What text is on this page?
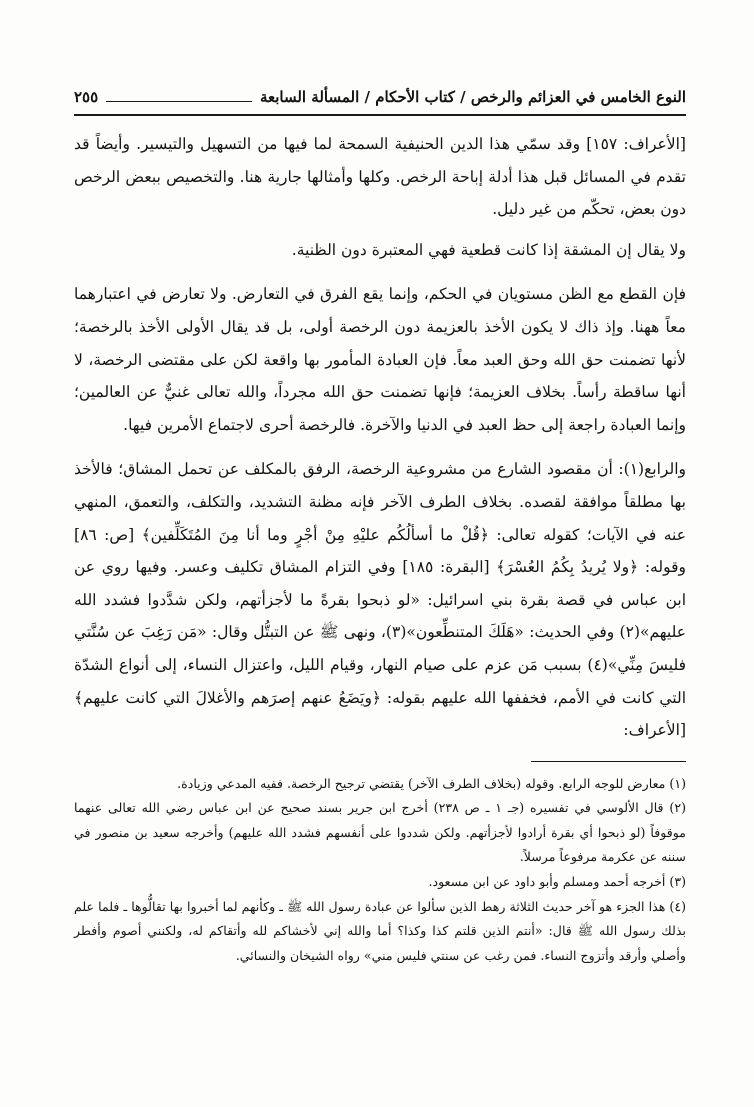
النوع الخامس في العزائم والرخص / كتاب الأحكام / المسألة السابعة
٢٥٥

[الأعراف: ١٥٧] وقد سمّي هذا الدين الحنيفية السمحة لما فيها من التسهيل والتيسير. وأيضاً قد تقدم في المسائل قبل هذا أدلة إباحة الرخص. وكلها وأمثالها جارية هنا. والتخصيص ببعض الرخص دون بعض، تحكّم من غير دليل.

ولا يقال إن المشقة إذا كانت قطعية فهي المعتبرة دون الظنية.

فإن القطع مع الظن مستويان في الحكم، وإنما يقع الفرق في التعارض. ولا تعارض في اعتبارهما معاً ههنا. وإذ ذاك لا يكون الأخذ بالعزيمة دون الرخصة أولى، بل قد يقال الأولى الأخذ بالرخصة؛ لأنها تضمنت حق الله وحق العبد معاً. فإن العبادة المأمور بها واقعة لكن على مقتضى الرخصة، لا أنها ساقطة رأساً. بخلاف العزيمة؛ فإنها تضمنت حق الله مجرداً، والله تعالى غنيٌّ عن العالمين؛ وإنما العبادة راجعة إلى حظ العبد في الدنيا والآخرة. فالرخصة أحرى لاجتماع الأمرين فيها.

والرابع(١): أن مقصود الشارع من مشروعية الرخصة، الرفق بالمكلف عن تحمل المشاق؛ فالأخذ بها مطلقاً موافقة لقصده. بخلاف الطرف الآخر فإنه مظنة التشديد، والتكلف، والتعمق، المنهي عنه في الآيات؛ كقوله تعالى: ﴿قُلْ ما أسألُكُم عليْهِ مِنْ أجْرٍ وما أنا مِنَ المُتَكَلِّفين﴾ [ص: ٨٦] وقوله: ﴿ولا يُريدُ بِكُمُ العُسْرَ﴾ [البقرة: ١٨٥] وفي التزام المشاق تكليف وعسر. وفيها روي عن ابن عباس في قصة بقرة بني اسرائيل: «لو ذبحوا بقرةً ما لأجزأتهم، ولكن شدَّدوا فشدد الله عليهم»(٢) وفي الحديث: «هَلَكَ المتنطِّعون»(٣)، ونهى ﷺ عن التبتُّل وقال: «مَن رَغِبَ عن سُنَّتي فليسَ مِنِّي»(٤) بسبب مَن عزم على صيام النهار، وقيام الليل، واعتزال النساء، إلى أنواع الشدّة التي كانت في الأمم، فخففها الله عليهم بقوله: ﴿ويَضَعُ عنهم إصرَهم والأغلالَ التي كانت عليهم﴾ [الأعراف:

(١) معارض للوجه الرابع. وقوله (بخلاف الطرف الآخر) يقتضي ترجيح الرخصة. ففيه المدعي وزيادة.

(٢) قال الألوسي في تفسيره (جـ ١ ـ ص ٢٣٨) أخرج ابن جرير بسند صحيح عن ابن عباس رضي الله تعالى عنهما موقوفاً (لو ذبحوا أي بقرة أرادوا لأجزأتهم. ولكن شددوا على أنفسهم فشدد الله عليهم) وأخرجه سعيد بن منصور في سننه عن عكرمة مرفوعاً مرسلاً.

(٣) أخرجه أحمد ومسلم وأبو داود عن ابن مسعود.

(٤) هذا الجزء هو آخر حديث الثلاثة رهط الذين سألوا عن عبادة رسول الله ﷺ ـ وكأنهم لما أخبروا بها تقالُّوها ـ فلما علم بذلك رسول الله ﷺ قال: «أنتم الذين قلتم كذا وكذا؟ أما والله إني لأخشاكم لله وأتقاكم له، ولكنني أصوم وأفطر وأصلي وأرقد وأتزوج النساء. فمن رغب عن سنتي فليس مني» رواه الشيخان والنسائي.
